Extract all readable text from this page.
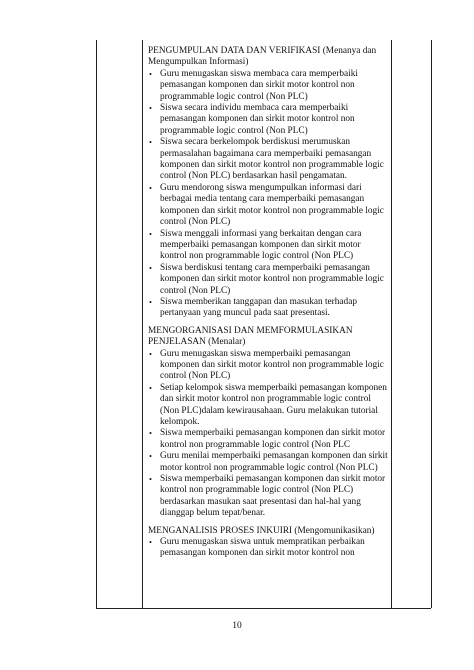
PENGUMPULAN DATA DAN VERIFIKASI (Menanya dan Mengumpulkan Informasi)
• Guru menugaskan siswa membaca cara memperbaiki pemasangan komponen dan sirkit motor kontrol non programmable logic control (Non PLC)
• Siswa secara individu membaca cara memperbaiki pemasangan komponen dan sirkit motor kontrol non programmable logic control (Non PLC)
• Siswa secara berkelompok berdiskusi merumuskan permasalahan bagaimana cara memperbaiki pemasangan komponen dan sirkit motor kontrol non programmable logic control (Non PLC) berdasarkan hasil pengamatan.
• Guru mendorong siswa mengumpulkan informasi dari berbagai media tentang cara memperbaiki pemasangan komponen dan sirkit motor kontrol non programmable logic control (Non PLC)
• Siswa menggali informasi yang berkaitan dengan cara memperbaiki pemasangan komponen dan sirkit motor kontrol non programmable logic control (Non PLC)
• Siswa berdiskusi tentang cara memperbaiki pemasangan komponen dan sirkit motor kontrol non programmable logic control (Non PLC)
• Siswa memberikan tanggapan dan masukan terhadap pertanyaan yang muncul pada saat presentasi.
MENGORGANISASI DAN MEMFORMULASIKAN PENJELASAN (Menalar)
• Guru menugaskan siswa memperbaiki pemasangan komponen dan sirkit motor kontrol non programmable logic control (Non PLC)
• Setiap kelompok siswa memperbaiki pemasangan komponen dan sirkit motor kontrol non programmable logic control (Non PLC)dalam kewirausahaan. Guru melakukan tutorial kelompok.
• Siswa memperbaiki pemasangan komponen dan sirkit motor kontrol non programmable logic control (Non PLC
• Guru menilai memperbaiki pemasangan komponen dan sirkit motor kontrol non programmable logic control (Non PLC)
• Siswa memperbaiki pemasangan komponen dan sirkit motor kontrol non programmable logic control (Non PLC) berdasarkan masukan saat presentasi dan hal-hal yang dianggap belum tepat/benar.
MENGANALISIS PROSES INKUIRI (Mengomunikasikan)
• Guru menugaskan siswa untuk mempratikan perbaikan pemasangan komponen dan sirkit motor kontrol non
10
